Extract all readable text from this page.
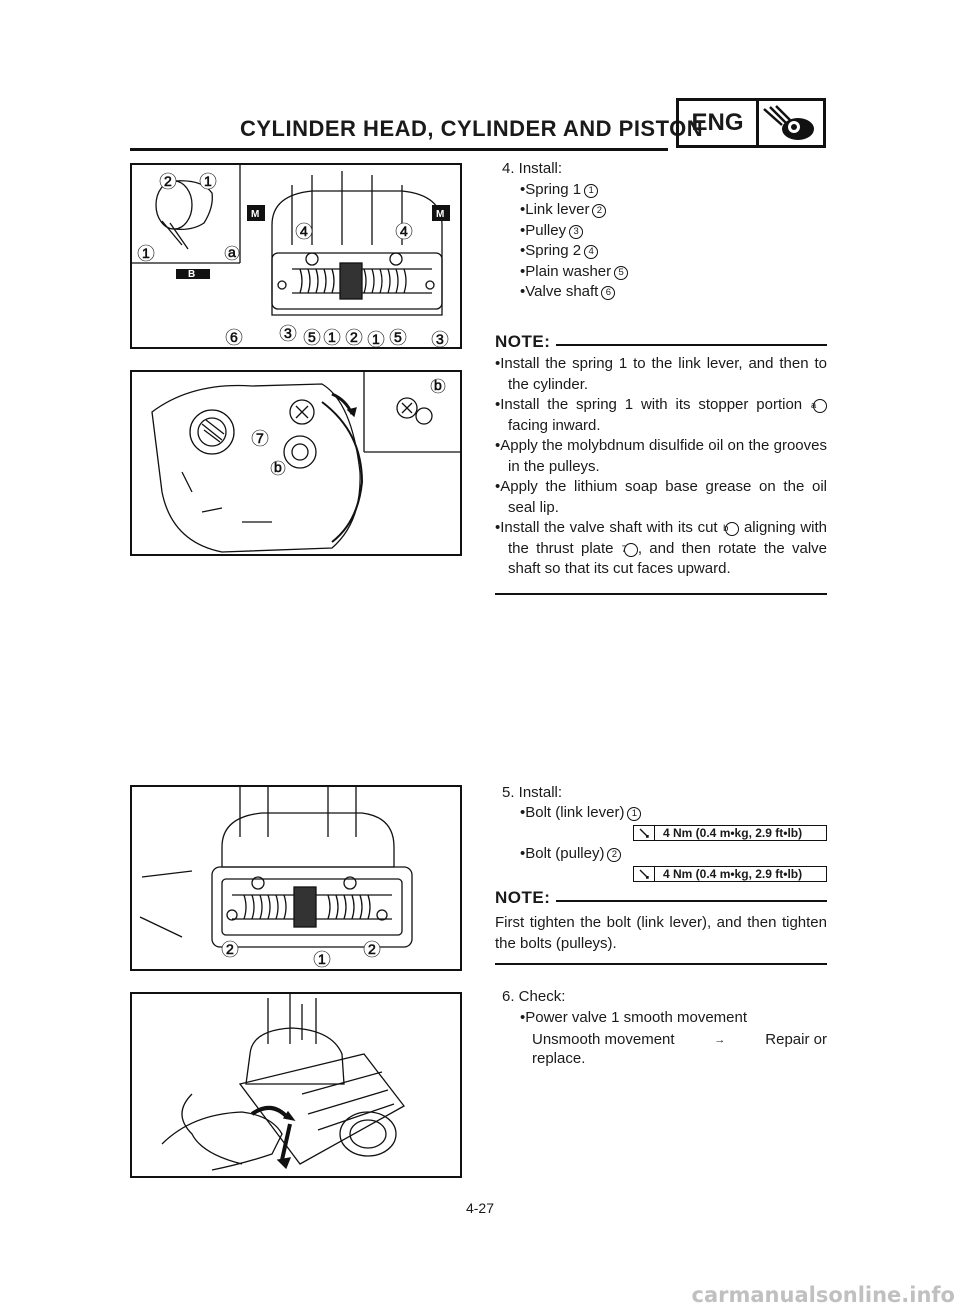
CYLINDER HEAD, CYLINDER AND PISTON
ENG
M	M
B
2 1
1	a
4	4
6	3 5 1 2 1 5 3
7
b
b
2
1
2
4. Install:
•Spring 1 1
•Link lever 2
•Pulley 3
•Spring 2 4
•Plain washer 5
•Valve shaft 6
NOTE:
•Install the spring 1 to the link lever, and then to the cylinder.
•Install the spring 1 with its stopper portion a facing inward.
•Apply the molybdnum disulfide oil on the grooves in the pulleys.
•Apply the lithium soap base grease on the oil seal lip.
•Install the valve shaft with its cut b aligning with the thrust plate 7 , and then rotate the valve shaft so that its cut faces upward.
5. Install:
•Bolt (link lever) 1
4 Nm (0.4 m•kg, 2.9 ft•lb)
•Bolt (pulley) 2
4 Nm (0.4 m•kg, 2.9 ft•lb)
NOTE:
First tighten the bolt (link lever), and then tighten the bolts (pulleys).
6. Check:
•Power valve 1 smooth movement
Unsmooth movement	→	Repair or
replace.
4-27
carmanualsonline.info
